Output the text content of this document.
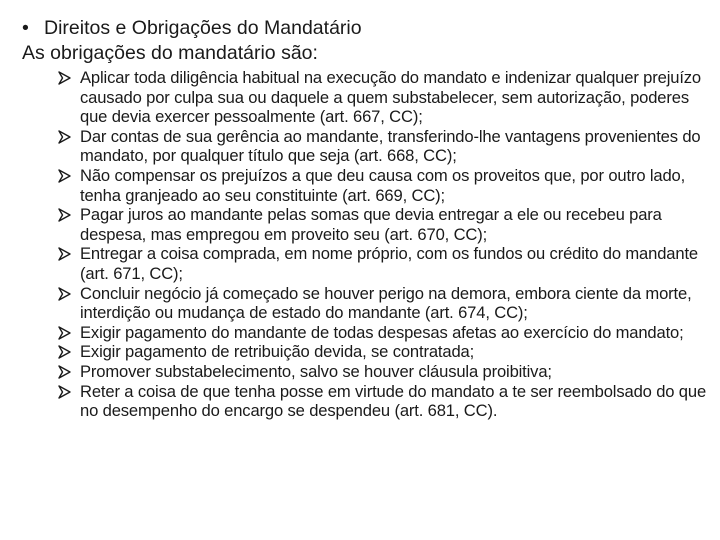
• Direitos e Obrigações do Mandatário
As obrigações do mandatário são:
Aplicar toda diligência habitual na execução do mandato e indenizar qualquer prejuízo causado por culpa sua ou daquele a quem substabelecer, sem autorização, poderes que devia exercer pessoalmente (art. 667, CC);
Dar contas de sua gerência ao mandante, transferindo-lhe vantagens provenientes do mandato, por qualquer título que seja (art. 668, CC);
Não compensar os prejuízos a que deu causa com os proveitos que, por outro lado, tenha granjeado ao seu constituinte (art. 669, CC);
Pagar juros ao mandante pelas somas que devia entregar a ele ou recebeu para despesa, mas empregou em proveito seu (art. 670, CC);
Entregar a coisa comprada, em nome próprio, com os fundos ou crédito do mandante (art. 671, CC);
Concluir negócio já começado se houver perigo na demora, embora ciente da morte, interdição ou mudança de estado do mandante (art. 674, CC);
Exigir pagamento do mandante de todas despesas afetas ao exercício do mandato;
Exigir pagamento de retribuição devida, se contratada;
Promover substabelecimento, salvo se houver cláusula proibitiva;
Reter a coisa de que tenha posse em virtude do mandato a te ser reembolsado do que no desempenho do encargo se despendeu (art. 681, CC).
